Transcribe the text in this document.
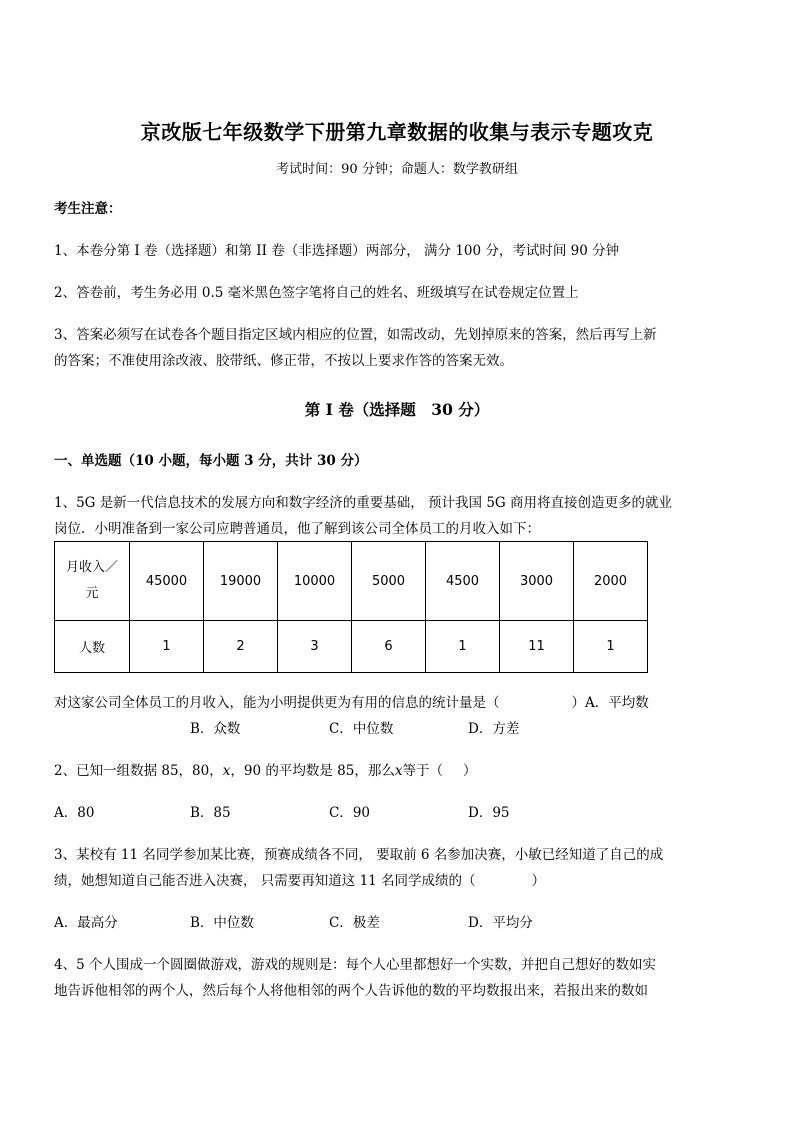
京改版七年级数学下册第九章数据的收集与表示专题攻克
考试时间：90 分钟；命题人：数学教研组
考生注意：
1、本卷分第 I 卷（选择题）和第 II 卷（非选择题）两部分， 满分 100 分，考试时间 90 分钟
2、答卷前，考生务必用 0.5 毫米黑色签字笔将自己的姓名、班级填写在试卷规定位置上
3、答案必须写在试卷各个题目指定区域内相应的位置，如需改动，先划掉原来的答案，然后再写上新
的答案；不准使用涂改液、胶带纸、修正带，不按以上要求作答的答案无效。
第 I 卷（选择题　30 分）
一、单选题（10 小题，每小题 3 分，共计 30 分）
1、5G 是新一代信息技术的发展方向和数字经济的重要基础， 预计我国 5G 商用将直接创造更多的就业
岗位．小明准备到一家公司应聘普通员，他了解到该公司全体员工的月收入如下：
月收入／
元	45000	19000	10000	5000	4500	3000	2000
人数	1	2	3	6	1	11	1
对这家公司全体员工的月收入，能为小明提供更为有用的信息的统计量是（	）A．平均数
B．众数	C．中位数	D．方差
2、已知一组数据 85，80，x，90 的平均数是 85，那么x等于（ ）
A．80	B．85	C．90	D．95
3、某校有 11 名同学参加某比赛，预赛成绩各不同， 要取前 6 名参加决赛，小敏已经知道了自己的成
绩，她想知道自己能否进入决赛， 只需要再知道这 11 名同学成绩的（	）
A．最高分	B．中位数	C．极差	D．平均分
4、5 个人围成一个圆圈做游戏，游戏的规则是：每个人心里都想好一个实数，并把自己想好的数如实
地告诉他相邻的两个人，然后每个人将他相邻的两个人告诉他的数的平均数报出来，若报出来的数如
